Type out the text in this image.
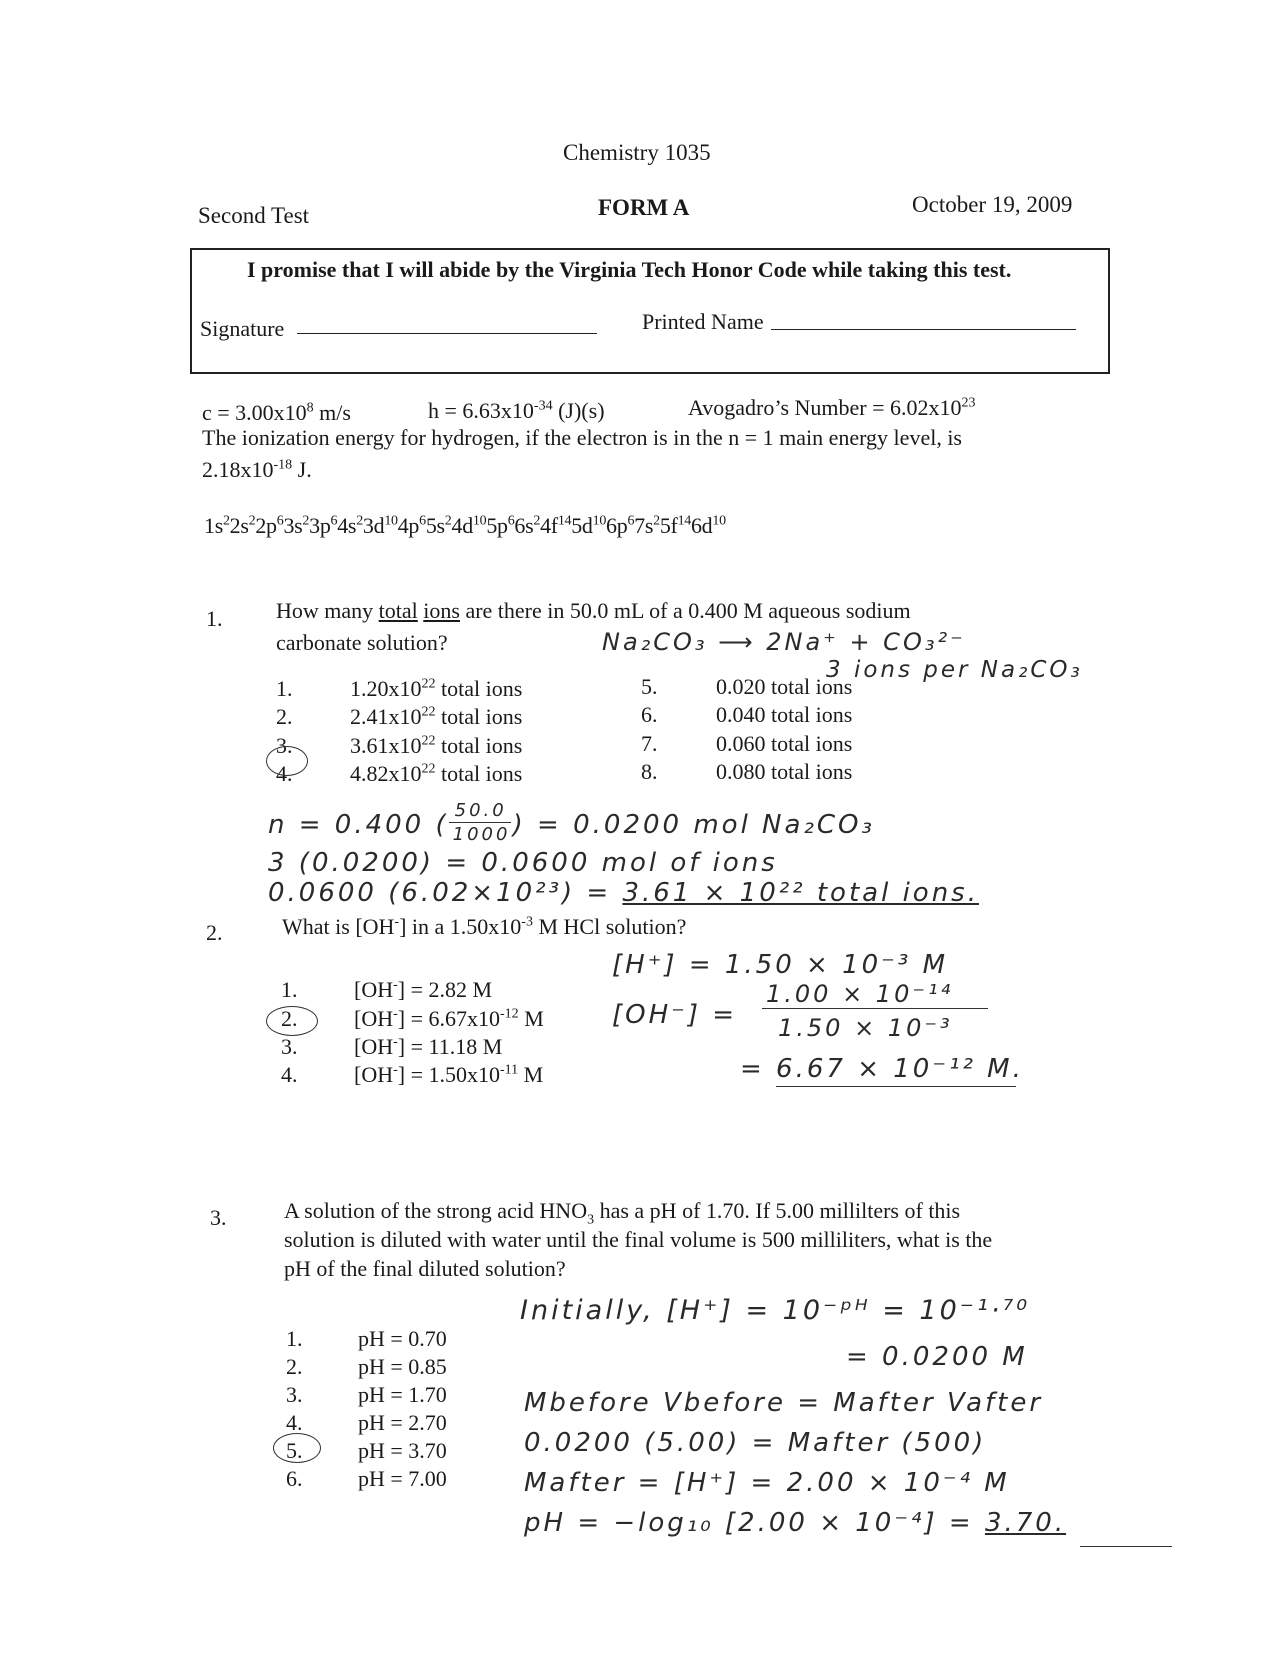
Chemistry 1035
Second Test	FORM A	October 19, 2009
I promise that I will abide by the Virginia Tech Honor Code while taking this test.
Signature	Printed Name
$c = 3.00x10^8$ m/s	$h = 6.63x10^{-34}$ (J)(s)	Avogadro’s Number = $6.02x10^{23}$
The ionization energy for hydrogen, if the electron is in the n = 1 main energy level, is
$2.18x10^{-18}$ J.
$1s^22s^22p^63s^23p^64s^23d^{10}4p^65s^24d^{10}5p^66s^24f^{14}5d^{10}6p^67s^25f^{14}6d^{10}$
1. How many total ions are there in 50.0 mL of a 0.400 M aqueous sodium
carbonate solution?	Na₂CO₃ ⟶ 2Na⁺ + CO₃²⁻
3 ions per Na₂CO₃
1.	$1.20x10^{22}$ total ions
2.	$2.41x10^{22}$ total ions
3.	$3.61x10^{22}$ total ions
4.	$4.82x10^{22}$ total ions
5.	0.020 total ions
6.	0.040 total ions
7.	0.060 total ions
8.	0.080 total ions
n = 0.400 (
$\frac{50.0}{1000}$
) = 0.0200 mol Na₂CO₃
3 (0.0200) = 0.0600 mol of ions
0.0600 (6.02×10²³) = 3.61 × 10²² total ions.
2.	What is [OH-] in a $1.50x10^{-3}$ M HCl solution?
1.	[OH-] = 2.82 M
2.	$[OH^-] = 6.67x10^{-12}$ M
3.	[OH-] = 11.18 M
4.	$[OH^-] = 1.50x10^{-11}$ M
[H⁺] = 1.50 × 10⁻³ M
[OH⁻] =
1.00 × 10⁻¹⁴
1.50 × 10⁻³
= 6.67 × 10⁻¹² M.
3.	A solution of the strong acid $HNO_3$ has a pH of 1.70. If 5.00 millilters of this
solution is diluted with water until the final volume is 500 milliliters, what is the
pH of the final diluted solution?
1.	pH = 0.70
2.	pH = 0.85
3.	pH = 1.70
4.	pH = 2.70
5.	pH = 3.70
6.	pH = 7.00
Initially, [H⁺] = 10⁻ᵖᴴ = 10⁻¹·⁷⁰
= 0.0200 M
Mbefore Vbefore = Mafter Vafter
0.0200 (5.00) = Mafter (500)
Mafter = [H⁺] = 2.00 × 10⁻⁴ M
pH = −log₁₀ [2.00 × 10⁻⁴] = 3.70.
